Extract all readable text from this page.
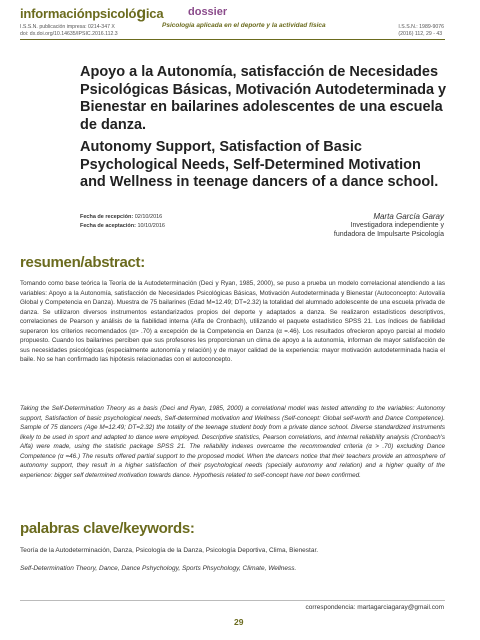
informaciónpsicológica
I.S.S.N. publicación impresa: 0214-347 X
doi: dx.doi.org/10.14635/IPSIC.2016.112.3
dossier
Psicología aplicada en el deporte y la actividad física	I.S.S.N.: 1989-9076
(2016) 112, 29 - 43
Apoyo a la Autonomía, satisfacción de Necesidades Psicológicas Básicas, Motivación Autodeterminada y Bienestar en bailarines adolescentes de una escuela de danza.
Autonomy Support, Satisfaction of Basic Psychological Needs, Self-Determined Motivation and Wellness in teenage dancers of a dance school.
Fecha de recepción: 02/10/2016
Fecha de aceptación: 10/10/2016
Marta García Garay
Investigadora independiente y
fundadora de Impulsarte Psicología
resumen/abstract:
Tomando como base teórica la Teoría de la Autodeterminación (Deci y Ryan, 1985, 2000), se puso a prueba un modelo correlacional atendiendo a las variables: Apoyo a la Autonomía, satisfacción de Necesidades Psicológicas Básicas, Motivación Autodeterminada y Bienestar (Autoconcepto: Autovalía Global y Competencia en Danza). Muestra de 75 bailarines (Edad M=12.49; DT=2.32) la totalidad del alumnado adolescente de una escuela privada de danza. Se utilizaron diversos instrumentos estandarizados propios del deporte y adaptados a danza. Se realizaron estadísticos descriptivos, correlaciones de Pearson y análisis de la fiabilidad interna (Alfa de Cronbach), utilizando el paquete estadístico SPSS 21. Los índices de fiabilidad superaron los criterios recomendados (α> .70) a excepción de la Competencia en Danza (α =.46). Los resultados ofrecieron apoyo parcial al modelo propuesto. Cuando los bailarines perciben que sus profesores les proporcionan un clima de apoyo a la autonomía, informan de mayor satisfacción de sus necesidades psicológicas (especialmente autonomía y relación) y de mayor calidad de la experiencia: mayor motivación autodeterminada hacia el baile. No se han confirmado las hipótesis relacionadas con el autoconcepto.
Taking the Self-Determination Theory as a basis (Deci and Ryan, 1985, 2000) a correlational model was tested attending to the variables: Autonomy support, Satisfaction of basic psychological needs, Self-determined motivation and Wellness (Self-concept: Global self-worth and Dance Competence). Sample of 75 dancers (Age M=12.49; DT=2.32) the totality of the teenage student body from a private dance school. Diverse standardized instruments likely to be used in sport and adapted to dance were employed. Descriptive statistics, Pearson correlations, and internal reliability analysis (Cronbach's Alfa) were made, using the statistic package SPSS 21. The reliability indexes overcame the recommended criteria (α > .70) excluding Dance Competence (α =46.) The results offered partial support to the proposed model. When the dancers notice that their teachers provide an atmosphere of autonomy support, they result in a higher satisfaction of their psychological needs (specially autonomy and relation) and a higher quality of the experience: bigger self determined motivation towards dance. Hypothesis related to self-concept have not been confirmed.
palabras clave/keywords:
Teoría de la Autodeterminación, Danza, Psicología de la Danza, Psicología Deportiva, Clima, Bienestar.
Self-Determination Theory, Dance, Dance Pshychology, Sports Phsychology, Climate, Wellness.
correspondencia: martagarciagaray@gmail.com
29
